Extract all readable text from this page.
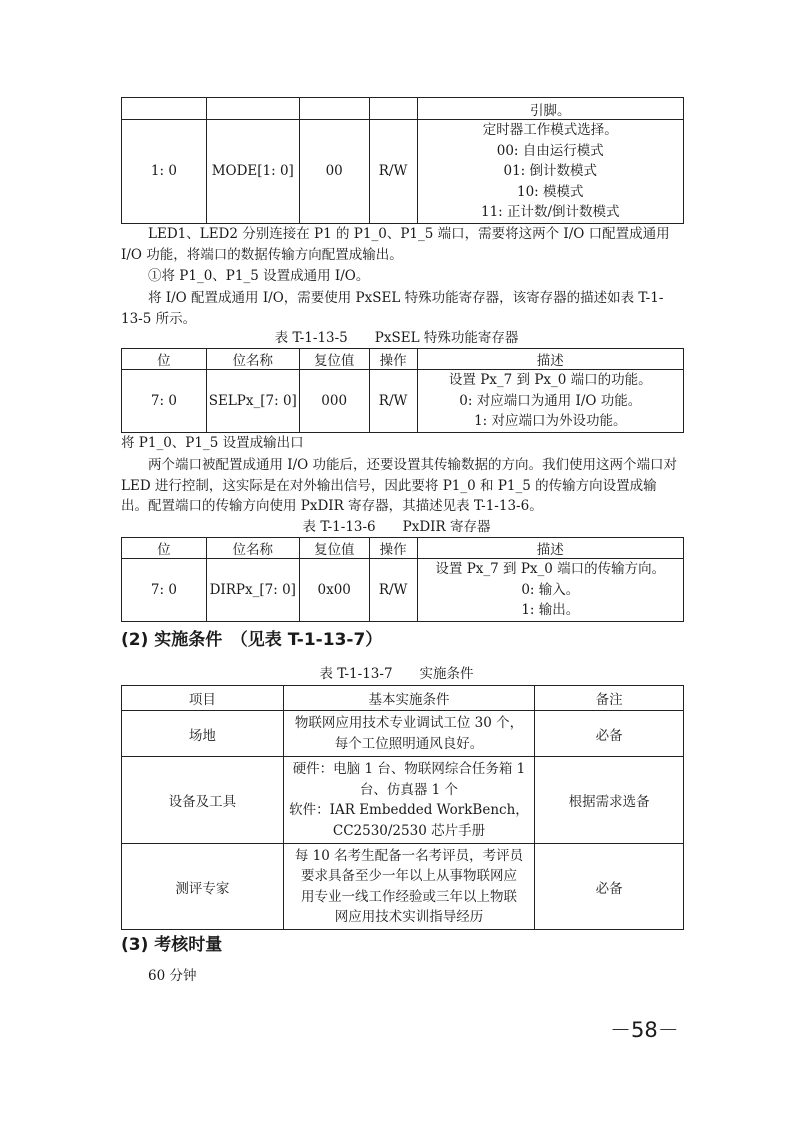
				引脚。
1: 0	MODE[1: 0]	00	R/W	定时器工作模式选择。
00: 自由运行模式
01: 倒计数模式
10: 模模式
11: 正计数/倒计数模式

LED1、LED2 分别连接在 P1 的 P1_0、P1_5 端口，需要将这两个 I/O 口配置成通用 I/O 功能，将端口的数据传输方向配置成输出。

①将 P1_0、P1_5 设置成通用 I/O。

将 I/O 配置成通用 I/O，需要使用 PxSEL 特殊功能寄存器，该寄存器的描述如表 T-1-13-5 所示。

表 T-1-13-5　　PxSEL 特殊功能寄存器
位	位名称	复位值	操作	描述
7: 0	SELPx_[7: 0]	000	R/W	设置 Px_7 到 Px_0 端口的功能。
0: 对应端口为通用 I/O 功能。
1: 对应端口为外设功能。

将 P1_0、P1_5 设置成输出口

两个端口被配置成通用 I/O 功能后，还要设置其传输数据的方向。我们使用这两个端口对 LED 进行控制，这实际是在对外输出信号，因此要将 P1_0 和 P1_5 的传输方向设置成输出。配置端口的传输方向使用 PxDIR 寄存器，其描述见表 T-1-13-6。

表 T-1-13-6　　PxDIR 寄存器
位	位名称	复位值	操作	描述
7: 0	DIRPx_[7: 0]	0x00	R/W	设置 Px_7 到 Px_0 端口的传输方向。
0: 输入。
1: 输出。
(2) 实施条件　（见表 T-1-13-7）
表 T-1-13-7　　实施条件
项目	基本实施条件	备注
场地	物联网应用技术专业调试工位 30 个，
每个工位照明通风良好。	必备
设备及工具	硬件：电脑 1 台、物联网综合任务箱 1
台、仿真器 1 个
软件：IAR Embedded WorkBench，
CC2530/2530 芯片手册	根据需求选备
测评专家	每 10 名考生配备一名考评员，考评员
要求具备至少一年以上从事物联网应
用专业一线工作经验或三年以上物联
网应用技术实训指导经历	必备
(3) 考核时量

60 分钟

－58－
